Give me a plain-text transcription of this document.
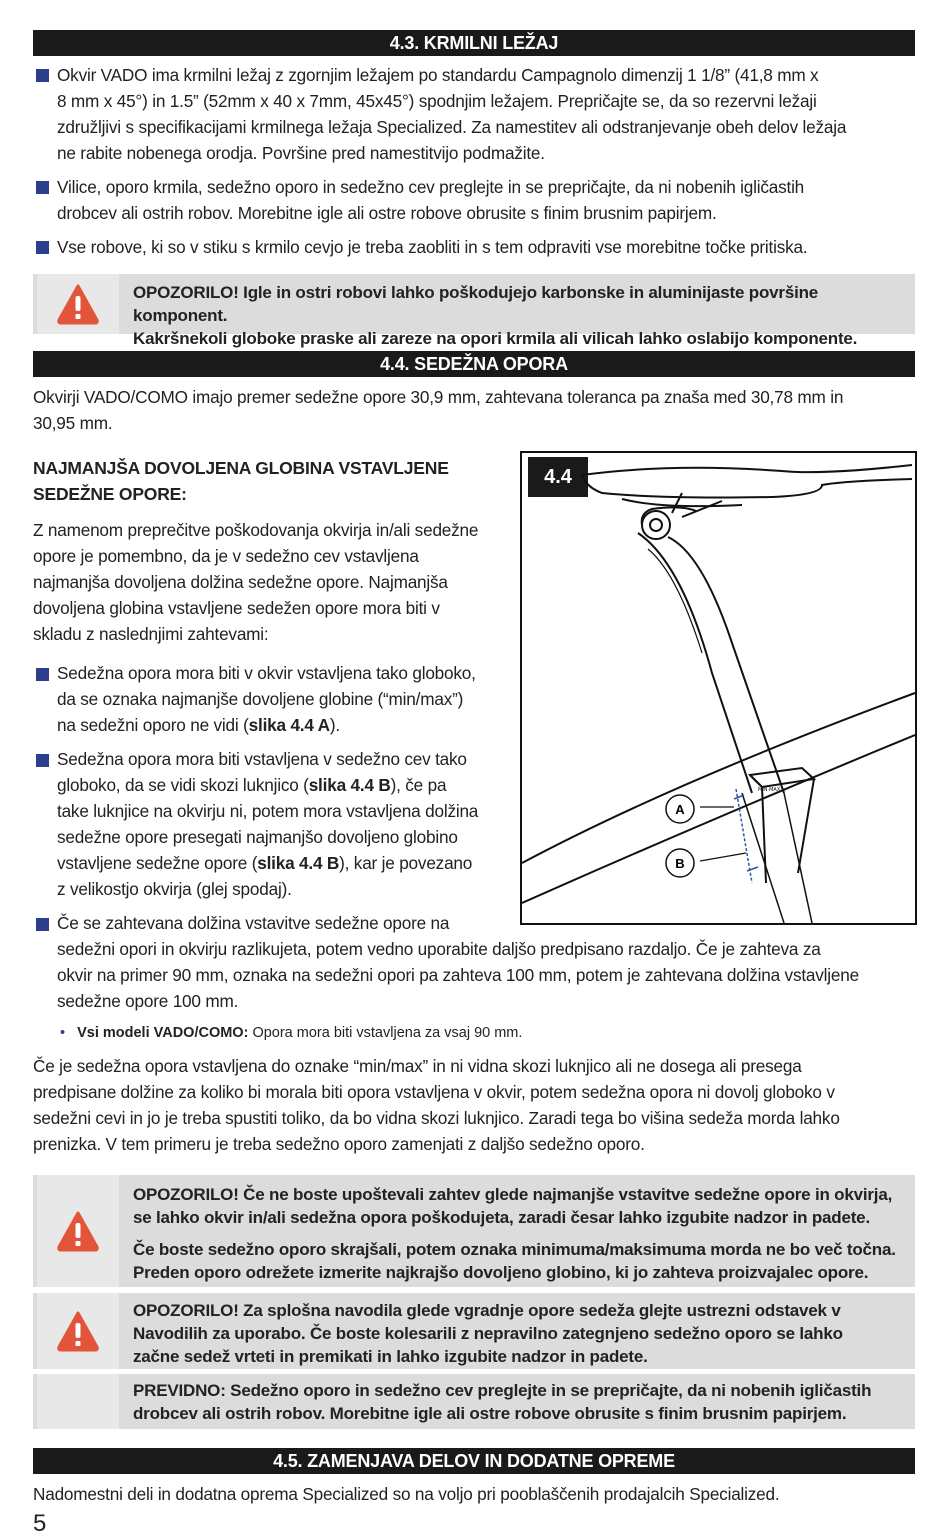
4.3. KRMILNI LEŽAJ
Okvir VADO ima krmilni ležaj z zgornjim ležajem po standardu Campagnolo dimenzij 1 1/8” (41,8 mm x
8 mm x 45°) in 1.5” (52mm x 40 x 7mm, 45x45°) spodnjim ležajem. Prepričajte se, da so rezervni ležaji
združljivi s specifikacijami krmilnega ležaja Specialized. Za namestitev ali odstranjevanje obeh delov ležaja
ne rabite nobenega orodja. Površine pred namestitvijo podmažite.
Vilice, oporo krmila, sedežno oporo in sedežno cev preglejte in se prepričajte, da ni nobenih igličastih
drobcev ali ostrih robov. Morebitne igle ali ostre robove obrusite s finim brusnim papirjem.
Vse robove, ki so v stiku s krmilo cevjo je treba zaobliti in s tem odpraviti vse morebitne točke pritiska.

OPOZORILO! Igle in ostri robovi lahko poškodujejo karbonske in aluminijaste površine komponent.

Kakršnekoli globoke praske ali zareze na opori krmila ali vilicah lahko oslabijo komponente.

4.4. SEDEŽNA OPORA
Okvirji VADO/COMO imajo premer sedežne opore 30,9 mm, zahtevana toleranca pa znaša med 30,78 mm in
30,95 mm.
NAJMANJŠA DOVOLJENA GLOBINA VSTAVLJENE
SEDEŽNE OPORE:
Z namenom preprečitve poškodovanja okvirja in/ali sedežne
opore je pomembno, da je v sedežno cev vstavljena
najmanjša dovoljena dolžina sedežne opore. Najmanjša
dovoljena globina vstavljene sedežen opore mora biti v
skladu z naslednjimi zahtevami:
Sedežna opora mora biti v okvir vstavljena tako globoko,
da se oznaka najmanjše dovoljene globine (“min/max”)
na sedežni oporo ne vidi (slika 4.4 A).
Sedežna opora mora biti vstavljena v sedežno cev tako
globoko, da se vidi skozi luknjico (slika 4.4 B), če pa
take luknjice na okvirju ni, potem mora vstavljena dolžina
sedežne opore presegati najmanjšo dovoljeno globino
vstavljene sedežne opore (slika 4.4 B), kar je povezano
z velikostjo okvirja (glej spodaj).
4.4
MIN·MAX
A
B
Če se zahtevana dolžina vstavitve sedežne opore na
sedežni opori in okvirju razlikujeta, potem vedno uporabite daljšo predpisano razdaljo. Če je zahteva za
okvir na primer 90 mm, oznaka na sedežni opori pa zahteva 100 mm, potem je zahtevana dolžina vstavljene
sedežne opore 100 mm.
• Vsi modeli VADO/COMO: Opora mora biti vstavljena za vsaj 90 mm.
Če je sedežna opora vstavljena do oznake “min/max” in ni vidna skozi luknjico ali ne dosega ali presega
predpisane dolžine za koliko bi morala biti opora vstavljena v okvir, potem sedežna opora ni dovolj globoko v
sedežni cevi in jo je treba spustiti toliko, da bo vidna skozi luknjico. Zaradi tega bo višina sedeža morda lahko
prenizka. V tem primeru je treba sedežno oporo zamenjati z daljšo sedežno oporo.

OPOZORILO! Če ne boste upoštevali zahtev glede najmanjše vstavitve sedežne opore in okvirja,

se lahko okvir in/ali sedežna opora poškodujeta, zaradi česar lahko izgubite nadzor in padete.

Če boste sedežno oporo skrajšali, potem oznaka minimuma/maksimuma morda ne bo več točna.

Preden oporo odrežete izmerite najkrajšo dovoljeno globino, ki jo zahteva proizvajalec opore.

OPOZORILO! Za splošna navodila glede vgradnje opore sedeža glejte ustrezni odstavek v

Navodilih za uporabo. Če boste kolesarili z nepravilno zategnjeno sedežno oporo se lahko

začne sedež vrteti in premikati in lahko izgubite nadzor in padete.

PREVIDNO: Sedežno oporo in sedežno cev preglejte in se prepričajte, da ni nobenih igličastih

drobcev ali ostrih robov. Morebitne igle ali ostre robove obrusite s finim brusnim papirjem.

4.5. ZAMENJAVA DELOV IN DODATNE OPREME
Nadomestni deli in dodatna oprema Specialized so na voljo pri pooblaščenih prodajalcih Specialized.
5
